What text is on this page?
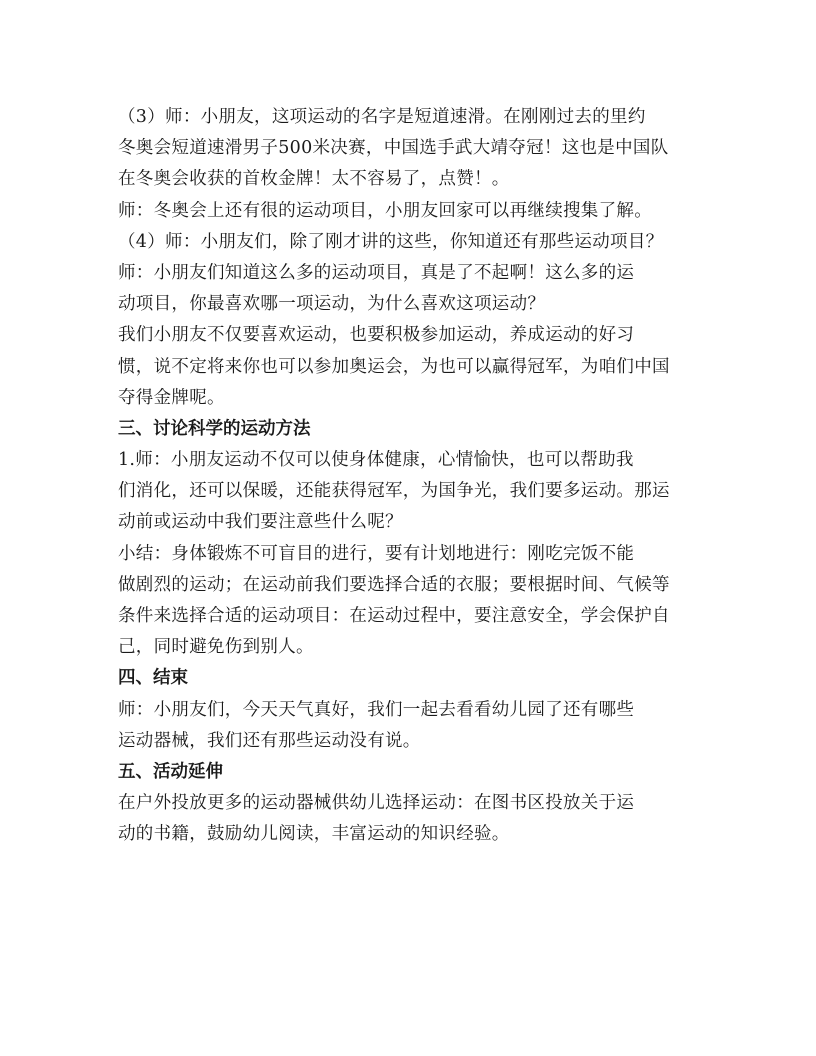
（3）师：小朋友，这项运动的名字是短道速滑。在刚刚过去的里约
冬奥会短道速滑男子500米决赛，中国选手武大靖夺冠！这也是中国队
在冬奥会收获的首枚金牌！太不容易了，点赞！。
师：冬奥会上还有很的运动项目，小朋友回家可以再继续搜集了解。
（4）师：小朋友们，除了刚才讲的这些，你知道还有那些运动项目？
师：小朋友们知道这么多的运动项目，真是了不起啊！这么多的运
动项目，你最喜欢哪一项运动，为什么喜欢这项运动？
我们小朋友不仅要喜欢运动，也要积极参加运动，养成运动的好习
惯，说不定将来你也可以参加奥运会，为也可以赢得冠军，为咱们中国
夺得金牌呢。
三、讨论科学的运动方法
1.师：小朋友运动不仅可以使身体健康，心情愉快，也可以帮助我
们消化，还可以保暖，还能获得冠军，为国争光，我们要多运动。那运
动前或运动中我们要注意些什么呢？
小结：身体锻炼不可盲目的进行，要有计划地进行：刚吃完饭不能
做剧烈的运动；在运动前我们要选择合适的衣服；要根据时间、气候等
条件来选择合适的运动项目：在运动过程中，要注意安全，学会保护自
己，同时避免伤到别人。
四、结束
师：小朋友们，今天天气真好，我们一起去看看幼儿园了还有哪些
运动器械，我们还有那些运动没有说。
五、活动延伸
在户外投放更多的运动器械供幼儿选择运动：在图书区投放关于运
动的书籍，鼓励幼儿阅读，丰富运动的知识经验。
